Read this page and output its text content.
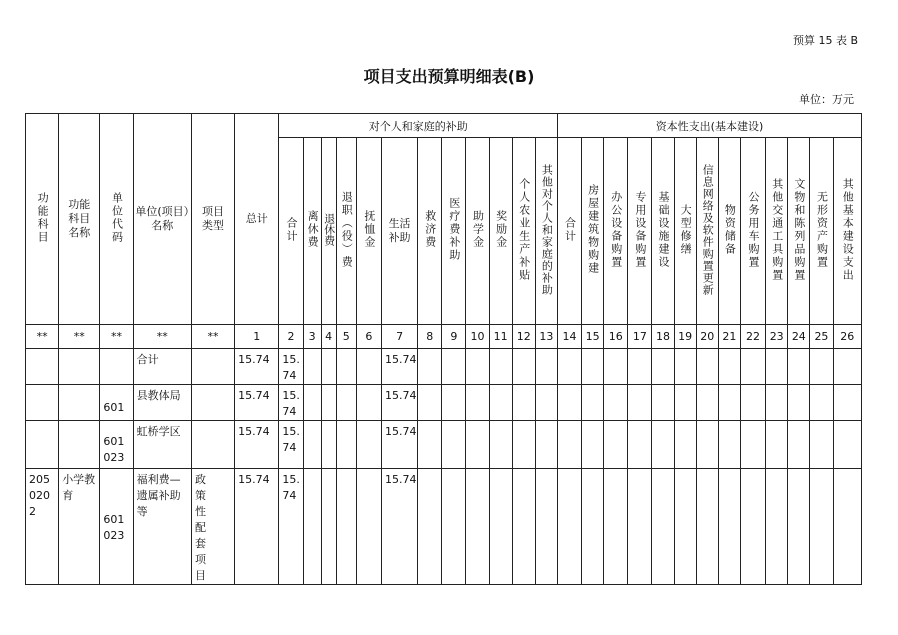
预算 15 表 B
项目支出预算明细表(B)
单位：万元
功能科目	功能科目名称	单位代码	单位(项目）名称	项目类型	总计	对个人和家庭的补助												资本性支出(基本建设)												
						合计	离休费	退休费	退职（役）费	抚恤金	生活补助	救济费	医疗费补助	助学金	奖励金	个人农业生产补贴	其他对个人和家庭的补助	合计	房屋建筑物购建	办公设备购置	专用设备购置	基础设施建设	大型修缮	信息网络及软件购置更新	物资储备	公务用车购置	其他交通工具购置	文物和陈列品购置	无形资产购置	其他基本建设支出
**	**	**	**	**	1	2	3	4	5	6	7	8	9	10	11	12	13	14	15	16	17	18	19	20	21	22	23	24	25	26
			合计		15.74	15.74					15.74																			
		601	县教体局		15.74	15.74					15.74																			
		601023	虹桥学区		15.74	15.74					15.74																			
2050202	小学教育	601023	福利费—遗属补助等	政策性配套项目	15.74	15.74					15.74																			
